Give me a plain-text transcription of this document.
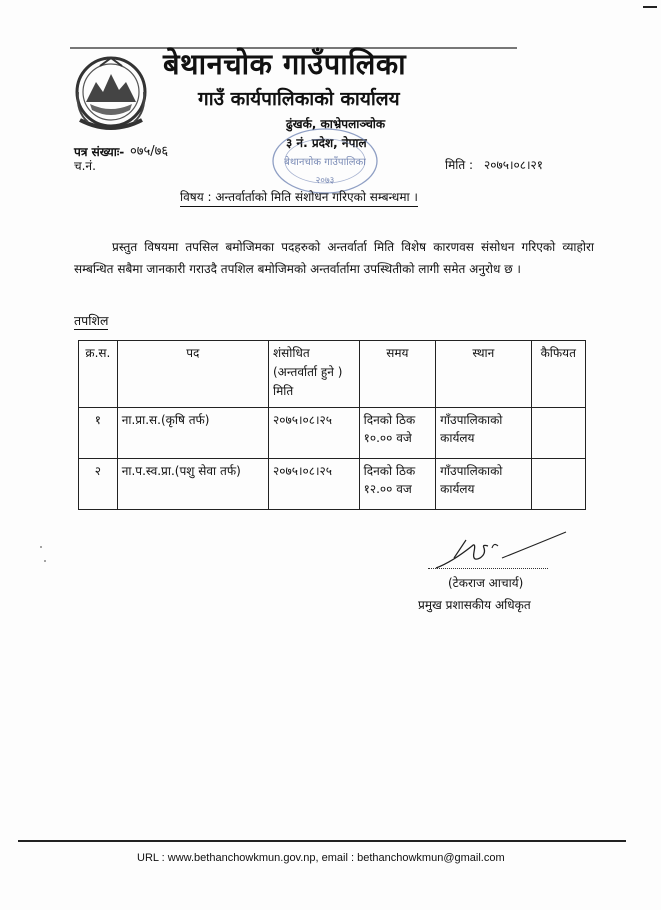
बेथानचोक गाउँपालिका
गाउँ कार्यपालिकाको कार्यालय
ढुंखर्क, काभ्रेपलाञ्चोक
३ नं. प्रदेश, नेपाल
बेथानचोक गाउँपालिका
२०७३
पत्र संख्याः- ०७५/७६
च.नं.	मिति : २०७५।०८।२१
विषय : अन्तर्वार्ताको मिति संशोधन गरिएको सम्बन्धमा ।
प्रस्तुत विषयमा तपसिल बमोजिमका पदहरुको अन्तर्वार्ता मिति विशेष कारणवस संसोधन गरिएको व्याहोरा सम्बन्धित सबैमा जानकारी गराउदै तपशिल बमोजिमको अन्तर्वार्तामा उपस्थितीको लागी समेत अनुरोध छ ।
तपशिल
क्र.स.	पद	शंसोधित (अन्तर्वार्ता हुने ) मिति	समय	स्थान	कैफियत
१	ना.प्रा.स.(कृषि तर्फ)	२०७५।०८।२५	दिनको ठिक १०.०० वजे	गाँउपालिकाको कार्यलय	
२	ना.प.स्व.प्रा.(पशु सेवा तर्फ)	२०७५।०८।२५	दिनको ठिक १२.०० वज	गाँउपालिकाको कार्यलय	
(टेकराज आचार्य)
प्रमुख प्रशासकीय अधिकृत
URL : www.bethanchowkmun.gov.np, email : bethanchowkmun@gmail.com
